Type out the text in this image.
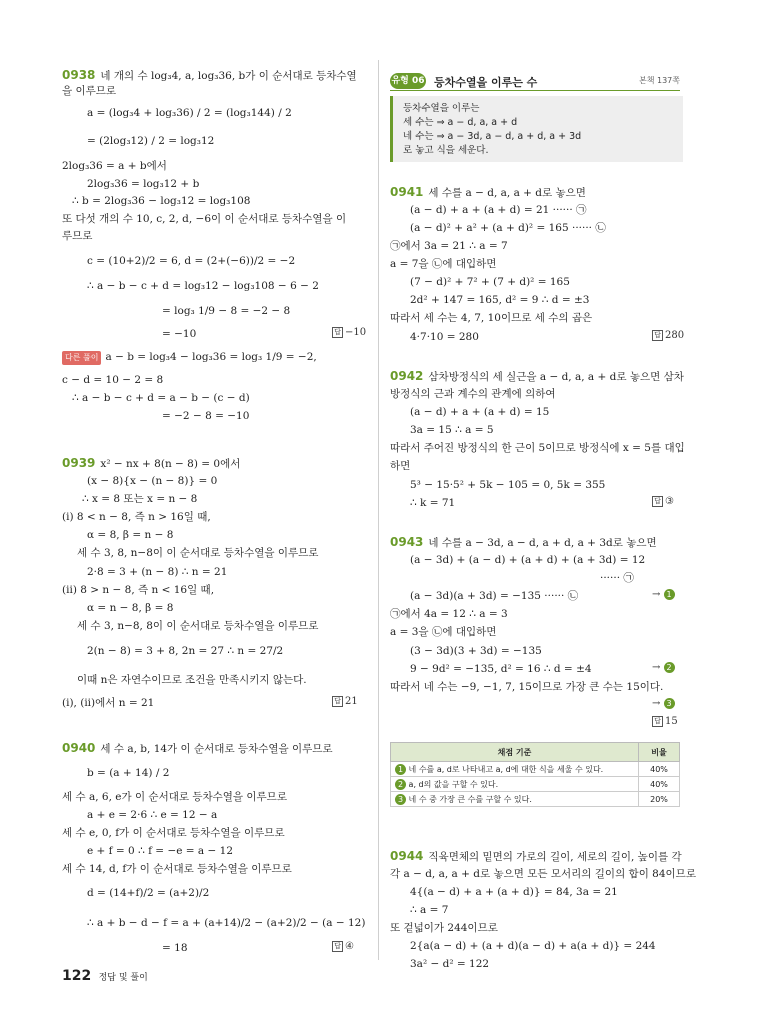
0938 네 개의 수 log₃4, a, log₃36, b가 이 순서대로 등차수열
을 이루므로
a = (log₃4 + log₃36) / 2 = (log₃144) / 2
= (2log₃12) / 2 = log₃12
2log₃36 = a + b에서
2log₃36 = log₃12 + b
∴ b = 2log₃36 − log₃12 = log₃108
또 다섯 개의 수 10, c, 2, d, −6이 이 순서대로 등차수열을 이
루므로
c = (10+2)/2 = 6, d = (2+(−6))/2 = −2
∴ a − b − c + d = log₃12 − log₃108 − 6 − 2
= log₃ 1/9 − 8 = −2 − 8
= −10
다른 풀이 a − b = log₃4 − log₃36 = log₃ 1/9 = −2,
c − d = 10 − 2 = 8
∴ a − b − c + d = a − b − (c − d)
= −2 − 8 = −10
0939 x² − nx + 8(n − 8) = 0에서
(x − 8){x − (n − 8)} = 0
∴ x = 8 또는 x = n − 8
(i) 8 < n − 8, 즉 n > 16일 때,
α = 8, β = n − 8
세 수 3, 8, n−8이 이 순서대로 등차수열을 이루므로
2·8 = 3 + (n − 8) ∴ n = 21
(ii) 8 > n − 8, 즉 n < 16일 때,
α = n − 8, β = 8
세 수 3, n−8, 8이 이 순서대로 등차수열을 이루므로
2(n − 8) = 3 + 8, 2n = 27 ∴ n = 27/2
이때 n은 자연수이므로 조건을 만족시키지 않는다.
(i), (ii)에서 n = 21
0940 세 수 a, b, 14가 이 순서대로 등차수열을 이루므로
b = (a + 14) / 2
세 수 a, 6, e가 이 순서대로 등차수열을 이루므로
a + e = 2·6 ∴ e = 12 − a
세 수 e, 0, f가 이 순서대로 등차수열을 이루므로
e + f = 0 ∴ f = −e = a − 12
세 수 14, d, f가 이 순서대로 등차수열을 이루므로
d = (14+f)/2 = (a+2)/2
∴ a + b − d − f = a + (a+14)/2 − (a+2)/2 − (a − 12)
= 18
답 −10
답 21
답 ④
유형 06 등차수열을 이루는 수	본책 137쪽
등차수열을 이루는
세 수는 ⇒ a − d, a, a + d
네 수는 ⇒ a − 3d, a − d, a + d, a + 3d
로 놓고 식을 세운다.
채점 기준	비율
1 네 수를 a, d로 나타내고 a, d에 대한 식을 세울 수 있다.	40%
2 a, d의 값을 구할 수 있다.	40%
3 네 수 중 가장 큰 수를 구할 수 있다.	20%
0941 세 수를 a − d, a, a + d로 놓으면
(a − d) + a + (a + d) = 21 ······ ㉠
(a − d)² + a² + (a + d)² = 165 ······ ㉡
㉠에서 3a = 21 ∴ a = 7
a = 7을 ㉡에 대입하면
(7 − d)² + 7² + (7 + d)² = 165
2d² + 147 = 165, d² = 9 ∴ d = ±3
따라서 세 수는 4, 7, 10이므로 세 수의 곱은
4·7·10 = 280
0942 삼차방정식의 세 실근을 a − d, a, a + d로 놓으면 삼차
방정식의 근과 계수의 관계에 의하여
(a − d) + a + (a + d) = 15
3a = 15 ∴ a = 5
따라서 주어진 방정식의 한 근이 5이므로 방정식에 x = 5를 대입
하면
5³ − 15·5² + 5k − 105 = 0, 5k = 355
∴ k = 71
0943 네 수를 a − 3d, a − d, a + d, a + 3d로 놓으면
(a − 3d) + (a − d) + (a + d) + (a + 3d) = 12
······ ㉠
(a − 3d)(a + 3d) = −135 ······ ㉡
㉠에서 4a = 12 ∴ a = 3
a = 3을 ㉡에 대입하면
(3 − 3d)(3 + 3d) = −135
9 − 9d² = −135, d² = 16 ∴ d = ±4
따라서 네 수는 −9, −1, 7, 15이므로 가장 큰 수는 15이다.
0944 직육면체의 밑면의 가로의 길이, 세로의 길이, 높이를 각
각 a − d, a, a + d로 놓으면 모든 모서리의 길이의 합이 84이므로
4{(a − d) + a + (a + d)} = 84, 3a = 21
∴ a = 7
또 겉넓이가 244이므로
2{a(a − d) + (a + d)(a − d) + a(a + d)} = 244
3a² − d² = 122
답 280
답 ③
답 15
→ 1
→ 2
→ 3
122 정답 및 풀이
